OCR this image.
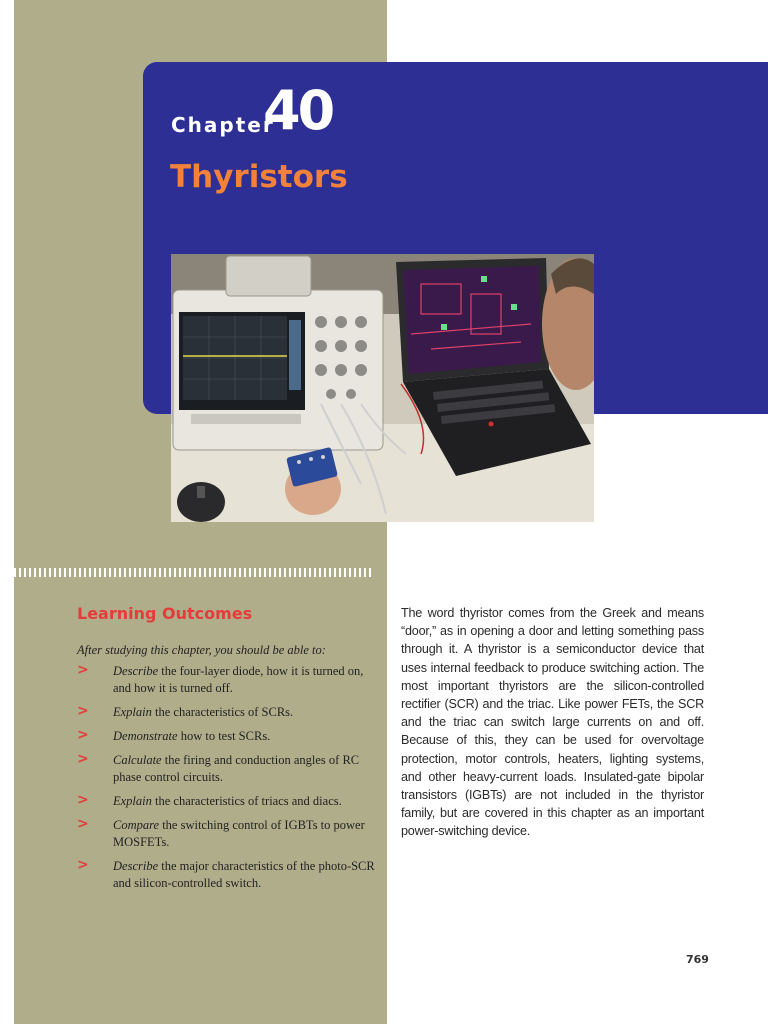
Chapter
40
Thyristors
Learning Outcomes
After studying this chapter, you should be able to:
> Describe the four-layer diode, how it is turned on, and how it is turned off.
> Explain the characteristics of SCRs.
> Demonstrate how to test SCRs.
> Calculate the firing and conduction angles of RC phase control circuits.
> Explain the characteristics of triacs and diacs.
> Compare the switching control of IGBTs to power MOSFETs.
> Describe the major characteristics of the photo-SCR and silicon-controlled switch.
The word thyristor comes from the Greek and means “door,” as in opening a door and letting something pass through it. A thyristor is a semiconductor device that uses internal feedback to produce switching action. The most important thyristors are the silicon-controlled rectifier (SCR) and the triac. Like power FETs, the SCR and the triac can switch large currents on and off. Because of this, they can be used for overvoltage protection, motor controls, heaters, lighting systems, and other heavy-current loads. Insulated-gate bipolar transistors (IGBTs) are not included in the thyristor family, but are covered in this chapter as an important power-switching device.
769
